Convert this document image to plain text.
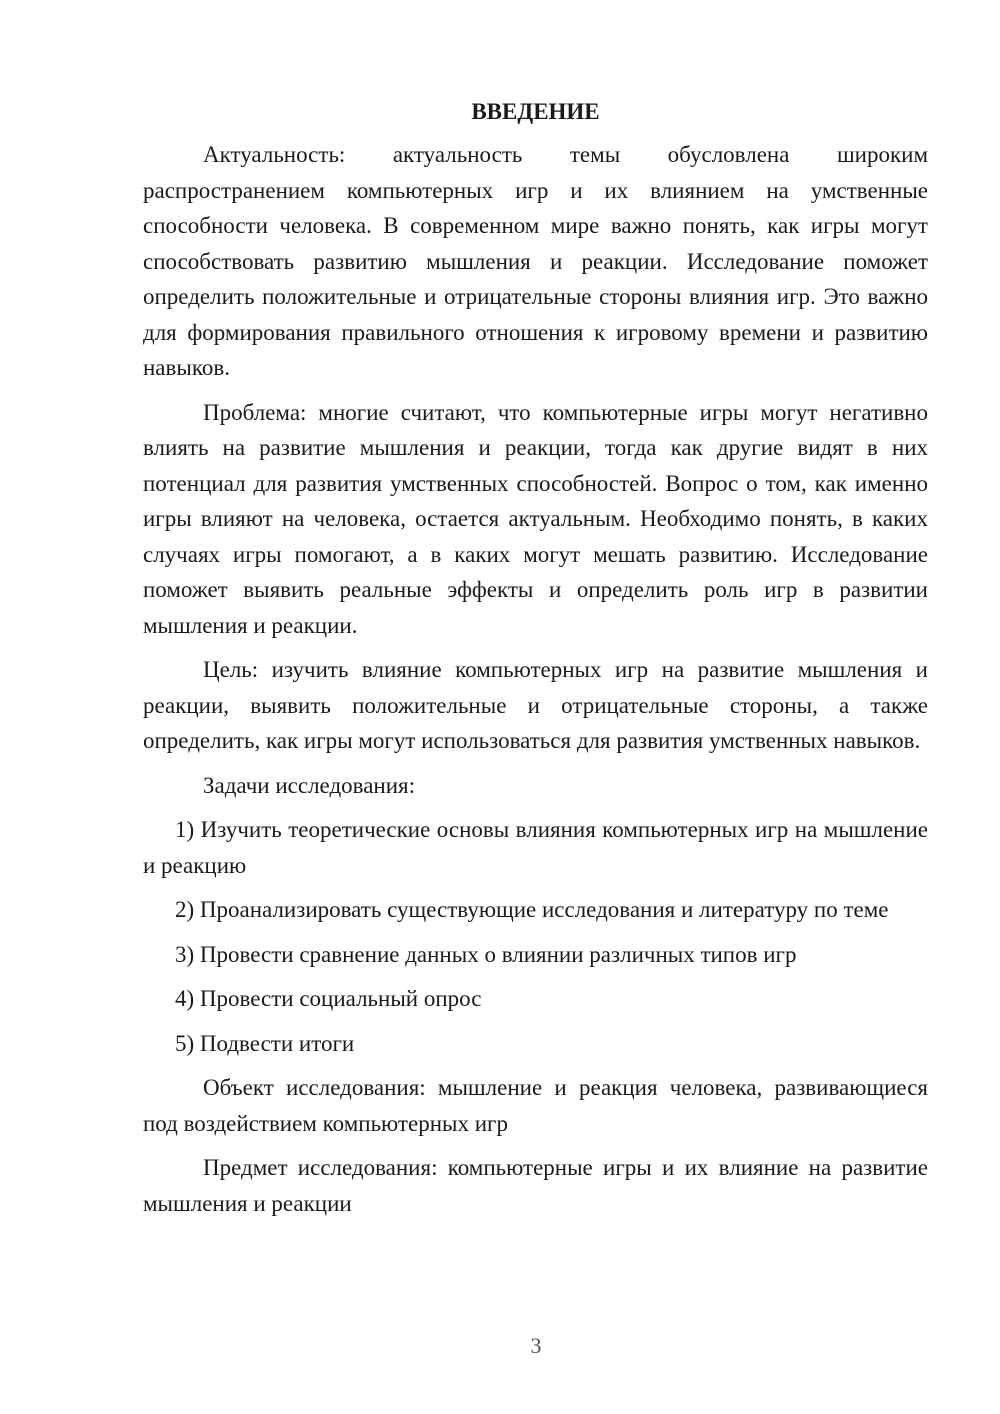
ВВЕДЕНИЕ

Актуальность: актуальность темы обусловлена широким распространением компьютерных игр и их влиянием на умственные способности человека. В современном мире важно понять, как игры могут способствовать развитию мышления и реакции. Исследование поможет определить положительные и отрицательные стороны влияния игр. Это важно для формирования правильного отношения к игровому времени и развитию навыков.

Проблема: многие считают, что компьютерные игры могут негативно влиять на развитие мышления и реакции, тогда как другие видят в них потенциал для развития умственных способностей. Вопрос о том, как именно игры влияют на человека, остается актуальным. Необходимо понять, в каких случаях игры помогают, а в каких могут мешать развитию. Исследование поможет выявить реальные эффекты и определить роль игр в развитии мышления и реакции.

Цель: изучить влияние компьютерных игр на развитие мышления и реакции, выявить положительные и отрицательные стороны, а также определить, как игры могут использоваться для развития умственных навыков.

Задачи исследования:

1) Изучить теоретические основы влияния компьютерных игр на мышление и реакцию

2) Проанализировать существующие исследования и литературу по теме

3) Провести сравнение данных о влиянии различных типов игр

4) Провести социальный опрос

5) Подвести итоги

Объект исследования: мышление и реакция человека, развивающиеся под воздействием компьютерных игр

Предмет исследования: компьютерные игры и их влияние на развитие мышления и реакции

3
